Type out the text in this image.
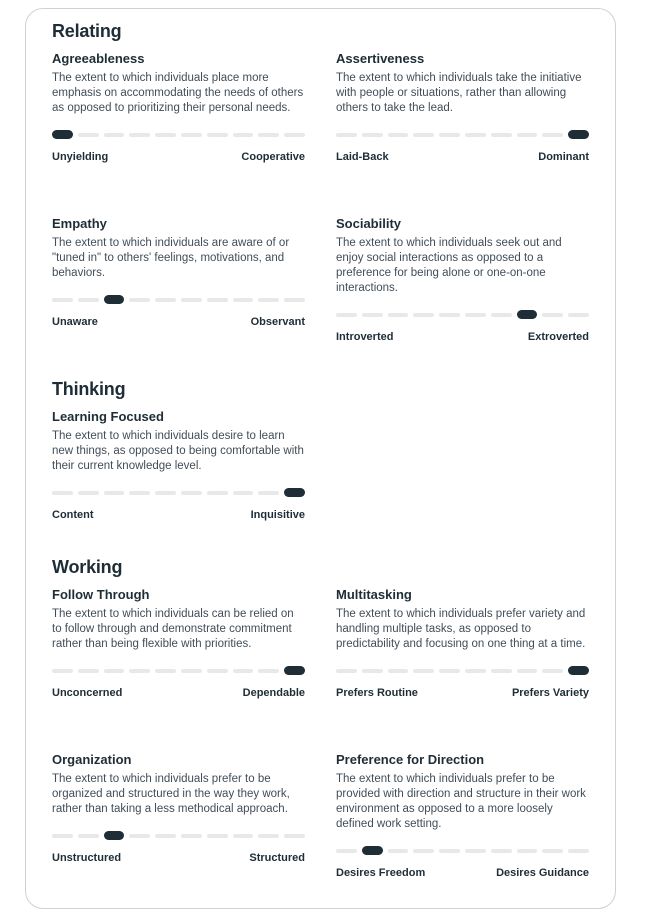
Relating
Agreeableness

The extent to which individuals place more emphasis on accommodating the needs of others as opposed to prioritizing their personal needs.

Unyielding	Cooperative
Assertiveness

The extent to which individuals take the initiative with people or situations, rather than allowing others to take the lead.

Laid-Back	Dominant
Empathy

The extent to which individuals are aware of or "tuned in" to others' feelings, motivations, and behaviors.

Unaware	Observant
Sociability

The extent to which individuals seek out and enjoy social interactions as opposed to a preference for being alone or one-on-one interactions.

Introverted	Extroverted
Thinking
Learning Focused

The extent to which individuals desire to learn new things, as opposed to being comfortable with their current knowledge level.

Content	Inquisitive
Working
Follow Through

The extent to which individuals can be relied on to follow through and demonstrate commitment rather than being flexible with priorities.

Unconcerned	Dependable
Multitasking

The extent to which individuals prefer variety and handling multiple tasks, as opposed to predictability and focusing on one thing at a time.

Prefers Routine	Prefers Variety
Organization

The extent to which individuals prefer to be organized and structured in the way they work, rather than taking a less methodical approach.

Unstructured	Structured
Preference for Direction

The extent to which individuals prefer to be provided with direction and structure in their work environment as opposed to a more loosely defined work setting.

Desires Freedom	Desires Guidance
